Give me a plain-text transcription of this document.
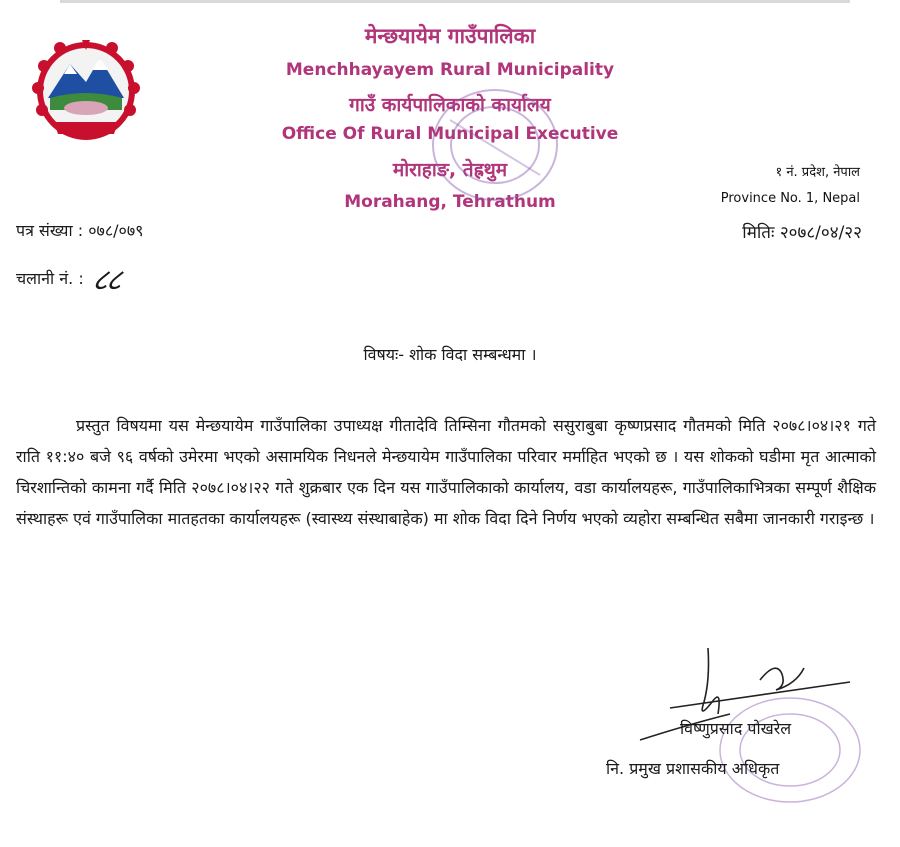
मेन्छयायेम गाउँपालिका
Menchhayayem Rural Municipality
गाउँ कार्यपालिकाको कार्यालय
Office Of Rural Municipal Executive
मोराहाङ, तेह्रथुम
Morahang, Tehrathum
१ नं. प्रदेश, नेपाल
Province No. 1, Nepal
मितिः २०७८/०४/२२
पत्र संख्या : ०७८/०७९
चलानी नं. : ८८
विषयः- शोक विदा सम्बन्धमा ।
प्रस्तुत विषयमा यस मेन्छयायेम गाउँपालिका उपाध्यक्ष गीतादेवि तिम्सिना गौतमको ससुराबुबा कृष्णप्रसाद गौतमको मिति २०७८।०४।२१ गते राति ११:४० बजे ९६ वर्षको उमेरमा भएको असामयिक निधनले मेन्छयायेम गाउँपालिका परिवार मर्माहित भएको छ । यस शोकको घडीमा मृत आत्माको चिरशान्तिको कामना गर्दै मिति २०७८।०४।२२ गते शुक्रबार एक दिन यस गाउँपालिकाको कार्यालय, वडा कार्यालयहरू, गाउँपालिकाभित्रका सम्पूर्ण शैक्षिक संस्थाहरू एवं गाउँपालिका मातहतका कार्यालयहरू (स्वास्थ्य संस्थाबाहेक) मा शोक विदा दिने निर्णय भएको व्यहोरा सम्बन्धित सबैमा जानकारी गराइन्छ ।
विष्णुप्रसाद पोखरेल
नि. प्रमुख प्रशासकीय अधिकृत
